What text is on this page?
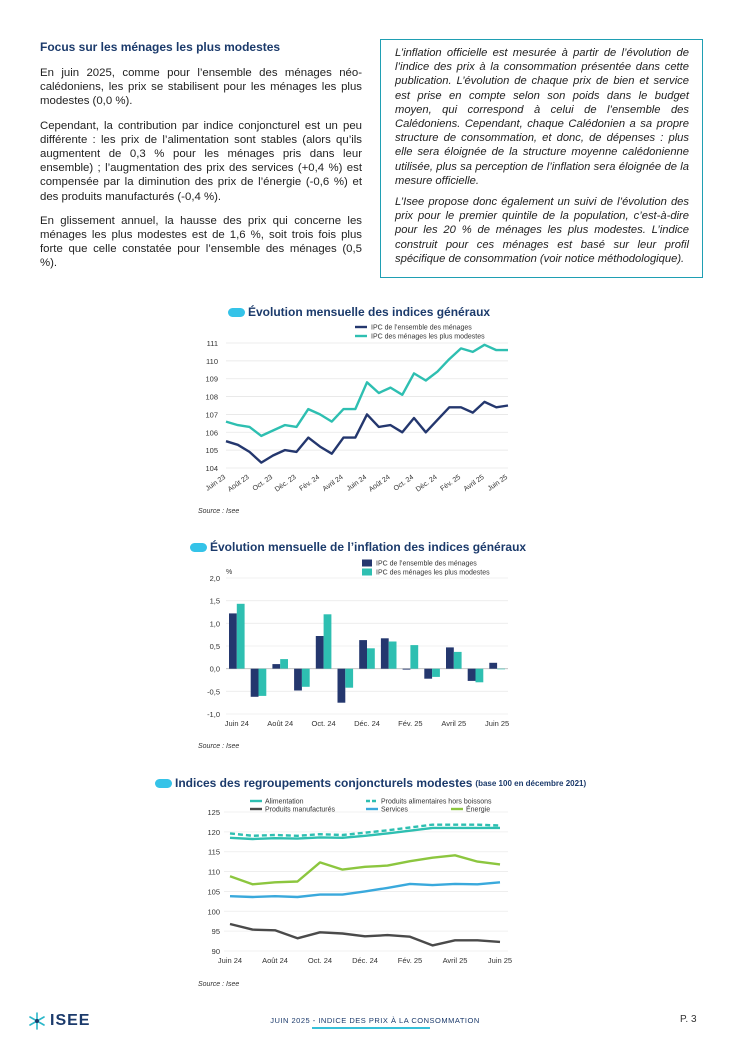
Focus sur les ménages les plus modestes

En juin 2025, comme pour l’ensemble des ménages néo-calédoniens, les prix se stabilisent pour les ménages les plus modestes (0,0 %).

Cependant, la contribution par indice conjoncturel est un peu différente : les prix de l’alimentation sont stables (alors qu’ils augmentent de 0,3 % pour les ménages pris dans leur ensemble) ; l’augmentation des prix des services (+0,4 %) est compensée par la diminution des prix de l’énergie (-0,6 %) et des produits manufacturés (-0,4 %).

En glissement annuel, la hausse des prix qui concerne les ménages les plus modestes est de 1,6 %, soit trois fois plus forte que celle constatée pour l’ensemble des ménages (0,5 %).

L’inflation officielle est mesurée à partir de l’évolution de l’indice des prix à la consommation présentée dans cette publication. L’évolution de chaque prix de bien et service est prise en compte selon son poids dans le budget moyen, qui correspond à celui de l’ensemble des Calédoniens. Cependant, chaque Calédonien a sa propre structure de consommation, et donc, de dépenses : plus elle sera éloignée de la structure moyenne calédonienne utilisée, plus sa perception de l’inflation sera éloignée de la mesure officielle.

L’Isee propose donc également un suivi de l’évolution des prix pour le premier quintile de la population, c’est-à-dire pour les 20 % de ménages les plus modestes. L’indice construit pour ces ménages est basé sur leur profil spécifique de consommation (voir notice méthodologique).

Évolution mensuelle des indices généraux
104
105
106
107
108
109
110
111
Juin 23 Août 23 Oct. 23 Déc. 23 Fév. 24 Avril 24 Juin 24 Août 24 Oct. 24 Déc. 24 Fév. 25 Avril 25 Juin 25
IPC de l’ensemble des ménages
IPC des ménages les plus modestes
2,0
1,5
1,0
0,5
0,0
-0,5
-1,0
%
IPC de l’ensemble des ménages
IPC des ménages les plus modestes
Juin 24 Août 24 Oct. 24 Déc. 24 Fév. 25 Avril 25	Juin 25
90
95
100
105
110
115
120
125
Juin 24	Août 24	Oct. 24	Déc. 24	Fév. 25	Avril 25	Juin 25
Alimentation	Produits alimentaires hors boissons
Produits manufacturés	Services	Énergie
Source : Isee
Évolution mensuelle de l’inflation des indices généraux
Source : Isee
Indices des regroupements conjoncturels modestes (base 100 en décembre 2021)
Source : Isee
ISEE	JUIN 2025 - INDICE DES PRIX À LA CONSOMMATION	P. 3
